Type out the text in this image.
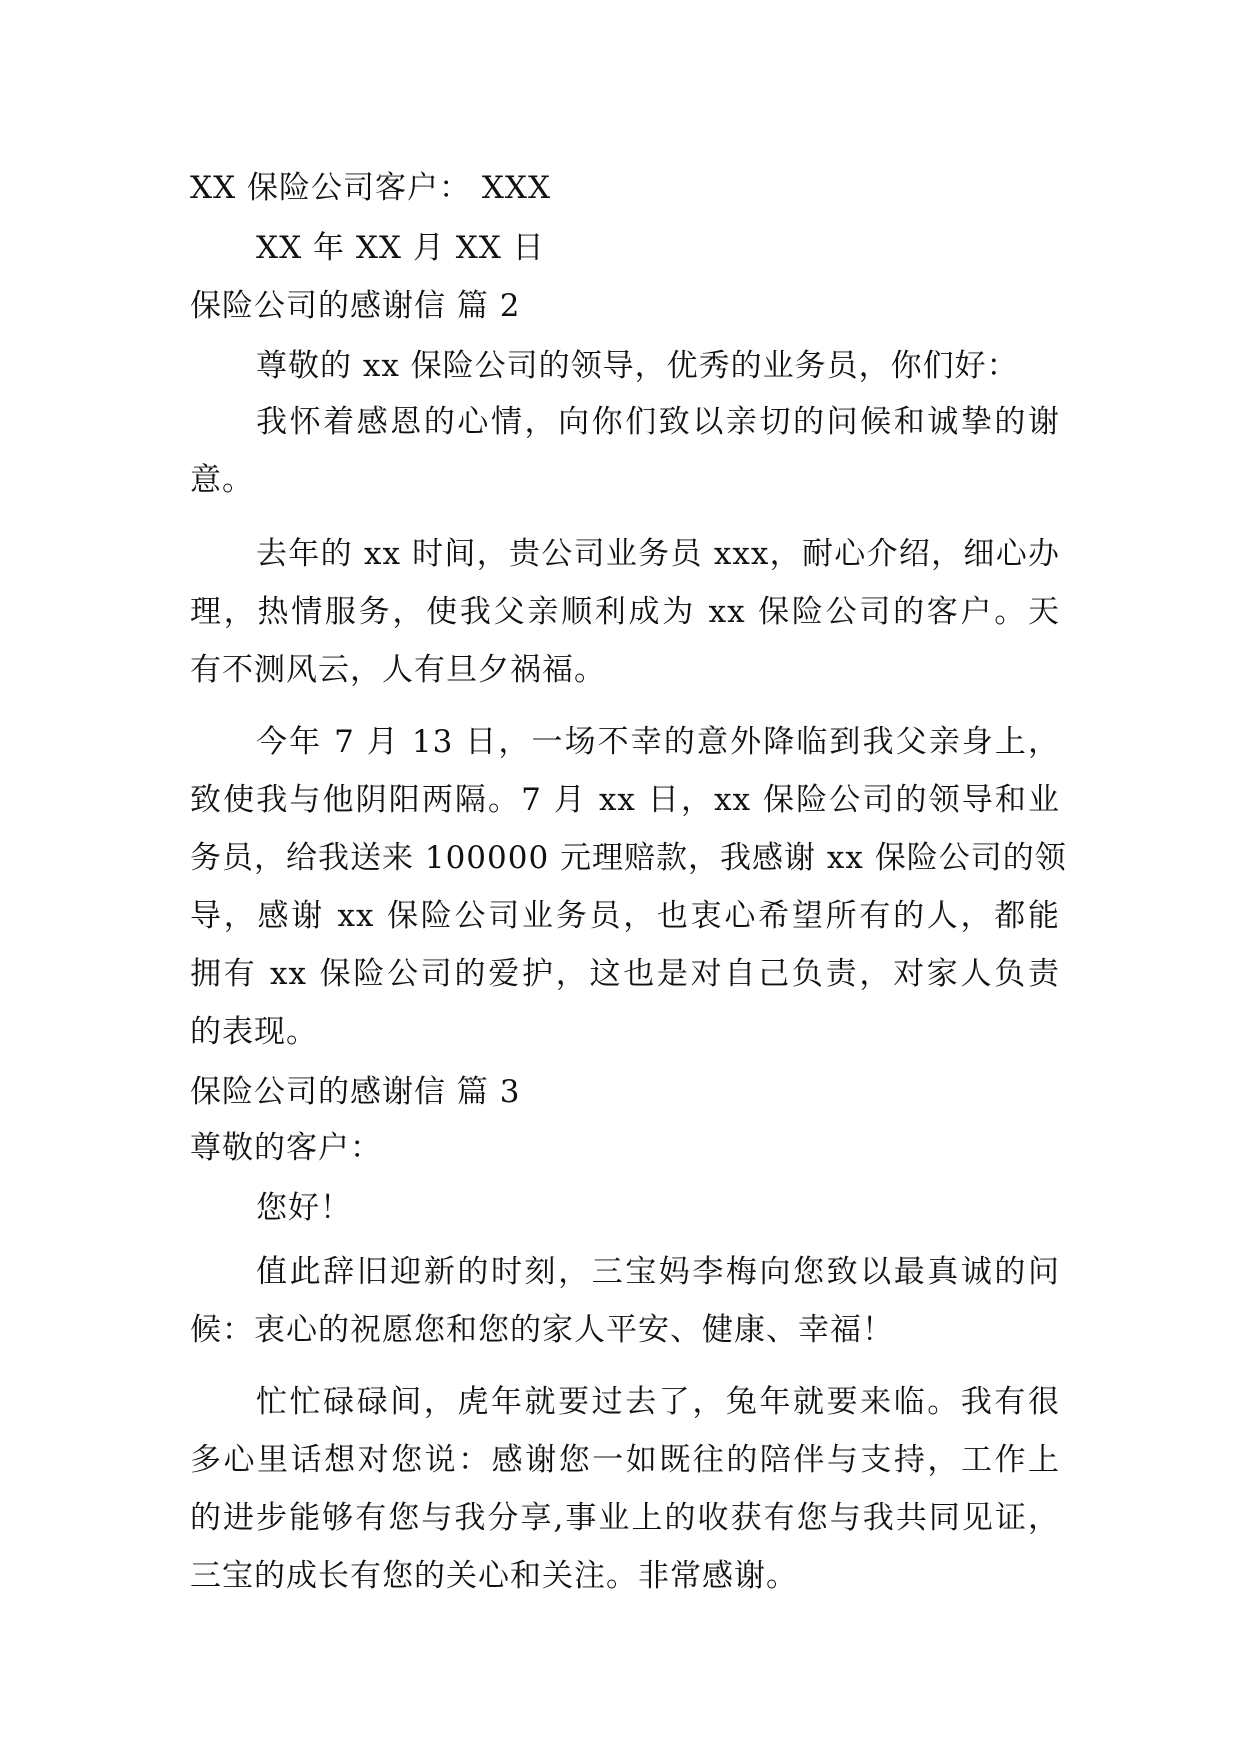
XX 保险公司客户： XXX
XX 年 XX 月 XX 日
保险公司的感谢信 篇 2
尊敬的 xx 保险公司的领导，优秀的业务员，你们好：
我怀着感恩的心情，向你们致以亲切的问候和诚挚的谢
意。
去年的 xx 时间，贵公司业务员 xxx，耐心介绍，细心办
理，热情服务，使我父亲顺利成为 xx 保险公司的客户。天
有不测风云，人有旦夕祸福。
今年 7 月 13 日，一场不幸的意外降临到我父亲身上，
致使我与他阴阳两隔。7 月 xx 日，xx 保险公司的领导和业
务员，给我送来 100000 元理赔款，我感谢 xx 保险公司的领
导，感谢 xx 保险公司业务员，也衷心希望所有的人，都能
拥有 xx 保险公司的爱护，这也是对自己负责，对家人负责
的表现。
保险公司的感谢信 篇 3
尊敬的客户：
您好！
值此辞旧迎新的时刻，三宝妈李梅向您致以最真诚的问
候：衷心的祝愿您和您的家人平安、健康、幸福！
忙忙碌碌间，虎年就要过去了，兔年就要来临。我有很
多心里话想对您说：感谢您一如既往的陪伴与支持，工作上
的进步能够有您与我分享,事业上的收获有您与我共同见证，
三宝的成长有您的关心和关注。非常感谢。
